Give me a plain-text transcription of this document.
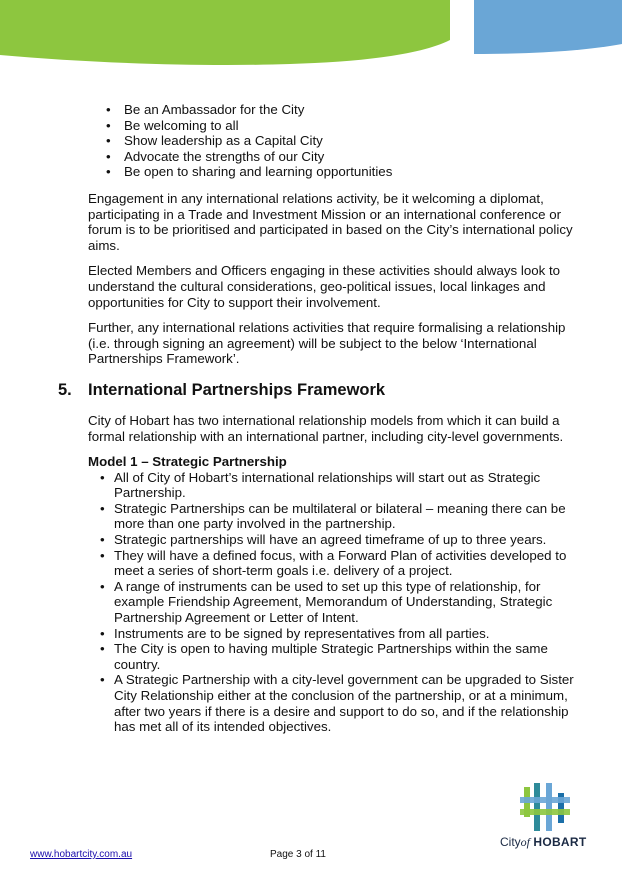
• Be an Ambassador for the City
• Be welcoming to all
• Show leadership as a Capital City
• Advocate the strengths of our City
• Be open to sharing and learning opportunities

Engagement in any international relations activity, be it welcoming a diplomat, participating in a Trade and Investment Mission or an international conference or forum is to be prioritised and participated in based on the City’s international policy aims.

Elected Members and Officers engaging in these activities should always look to understand the cultural considerations, geo-political issues, local linkages and opportunities for City to support their involvement.

Further, any international relations activities that require formalising a relationship (i.e. through signing an agreement) will be subject to the below ‘International Partnerships Framework’.

5. International Partnerships Framework

City of Hobart has two international relationship models from which it can build a formal relationship with an international partner, including city-level governments.

Model 1 – Strategic Partnership
• All of City of Hobart’s international relationships will start out as Strategic Partnership.
• Strategic Partnerships can be multilateral or bilateral – meaning there can be more than one party involved in the partnership.
• Strategic partnerships will have an agreed timeframe of up to three years.
• They will have a defined focus, with a Forward Plan of activities developed to meet a series of short-term goals i.e. delivery of a project.
• A range of instruments can be used to set up this type of relationship, for example Friendship Agreement, Memorandum of Understanding, Strategic Partnership Agreement or Letter of Intent.
• Instruments are to be signed by representatives from all parties.
• The City is open to having multiple Strategic Partnerships within the same country.
• A Strategic Partnership with a city-level government can be upgraded to Sister City Relationship either at the conclusion of the partnership, or at a minimum, after two years if there is a desire and support to do so, and if the relationship has met all of its intended objectives.
Cityof HOBART
www.hobartcity.com.au	Page 3 of 11
